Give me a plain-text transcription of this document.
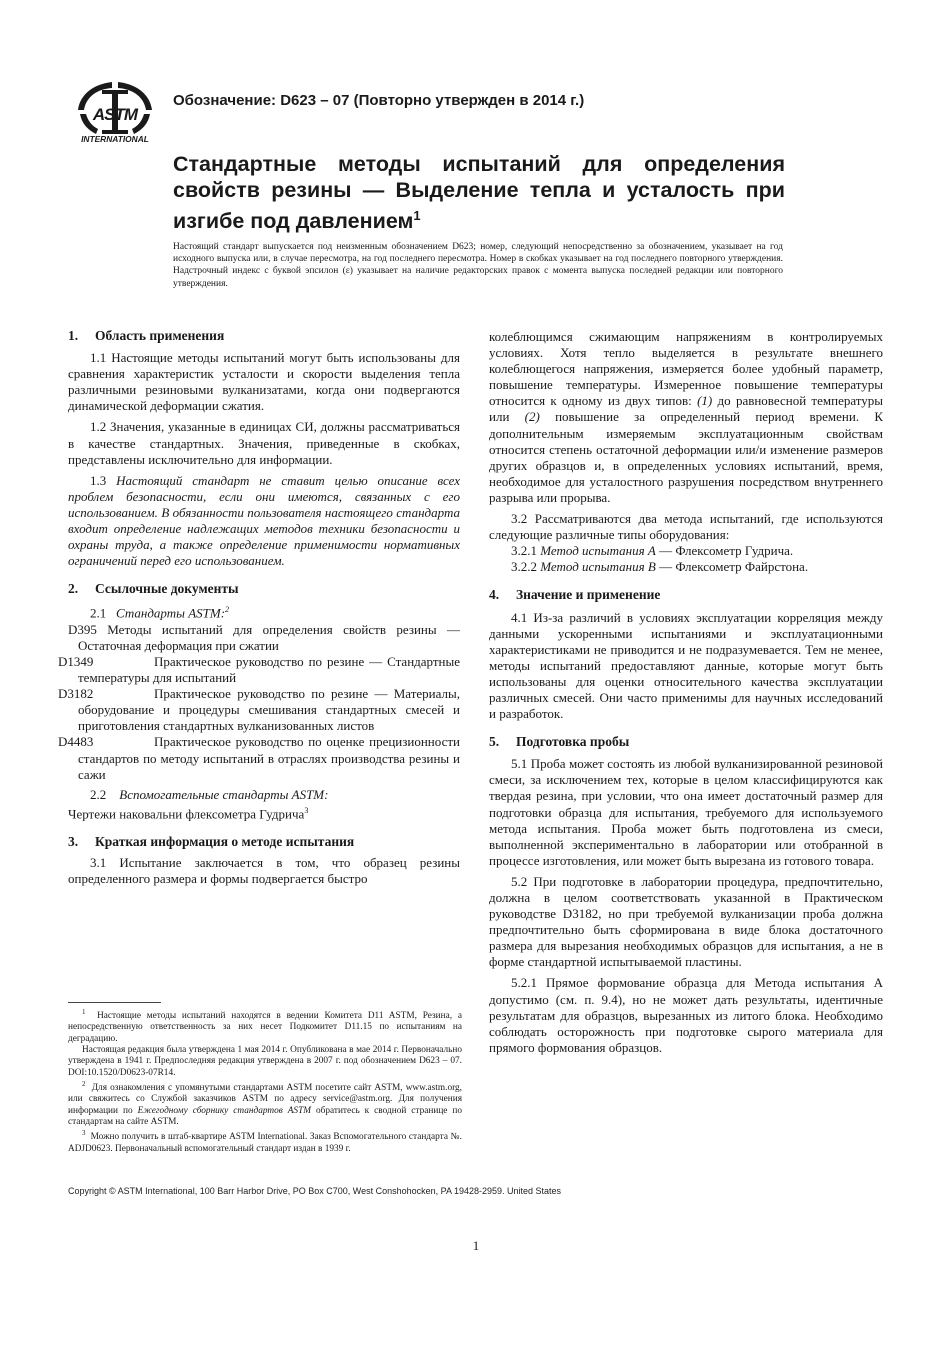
ASTM
INTERNATIONAL
Обозначение: D623 – 07 (Повторно утвержден в 2014 г.)
Стандартные методы испытаний для определения свойств резины — Выделение тепла и усталость при изгибе под давлением$^1$
Настоящий стандарт выпускается под неизменным обозначением D623; номер, следующий непосредственно за обозначением, указывает на год исходного выпуска или, в случае пересмотра, на год последнего пересмотра. Номер в скобках указывает на год последнего повторного утверждения. Надстрочный индекс с буквой эпсилон (ε) указывает на наличие редакторских правок с момента выпуска последней редакции или повторного утверждения.

1. Область применения

1.1 Настоящие методы испытаний могут быть использованы для сравнения характеристик усталости и скорости выделения тепла различными резиновыми вулканизатами, когда они подвергаются динамической деформации сжатия.

1.2 Значения, указанные в единицах СИ, должны рассматриваться в качестве стандартных. Значения, приведенные в скобках, представлены исключительно для информации.

1.3 Настоящий стандарт не ставит целью описание всех проблем безопасности, если они имеются, связанных с его использованием. В обязанности пользователя настоящего стандарта входит определение надлежащих методов техники безопасности и охраны труда, а также определение применимости нормативных ограничений перед его использованием.

2. Ссылочные документы

2.1 Стандарты ASTM:$^2$

D395 Методы испытаний для определения свойств резины — Остаточная деформация при сжатии

D1349	Практическое руководство по резине — Стандартные температуры для испытаний

D3182	Практическое руководство по резине — Материалы, оборудование и процедуры смешивания стандартных смесей и приготовления стандартных вулканизованных листов

D4483	Практическое руководство по оценке прецизионности стандартов по методу испытаний в отраслях производства резины и сажи

2.2 Вспомогательные стандарты ASTM:

Чертежи наковальни флексометра Гудрича$^3$

3. Краткая информация о методе испытания

3.1 Испытание заключается в том, что образец резины определенного размера и формы подвергается быстро

$^1$ Настоящие методы испытаний находятся в ведении Комитета D11 ASTM, Резина, а непосредственную ответственность за них несет Подкомитет D11.15 по испытаниям на деградацию.

Настоящая редакция была утверждена 1 мая 2014 г. Опубликована в мае 2014 г. Первоначально утверждена в 1941 г. Предпоследняя редакция утверждена в 2007 г. под обозначением D623 – 07. DOI:10.1520/D0623-07R14.

$^2$ Для ознакомления с упомянутыми стандартами ASTM посетите сайт ASTM, www.astm.org, или свяжитесь со Службой заказчиков ASTM по адресу service@astm.org. Для получения информации по Ежегодному сборнику стандартов ASTM обратитесь к сводной странице по стандартам на сайте ASTM.

$^3$ Можно получить в штаб-квартире ASTM International. Заказ Вспомогательного стандарта №. ADJD0623. Первоначальный вспомогательный стандарт издан в 1939 г.

колеблющимся сжимающим напряжениям в контролируемых условиях. Хотя тепло выделяется в результате внешнего колеблющегося напряжения, измеряется более удобный параметр, повышение температуры. Измеренное повышение температуры относится к одному из двух типов: (1) до равновесной температуры или (2) повышение за определенный период времени. К дополнительным измеряемым эксплуатационным свойствам относится степень остаточной деформации или/и изменение размеров других образцов и, в определенных условиях испытаний, время, необходимое для усталостного разрушения посредством внутреннего разрыва или прорыва.

3.2 Рассматриваются два метода испытаний, где используются следующие различные типы оборудования:

3.2.1 Метод испытания A — Флексометр Гудрича.

3.2.2 Метод испытания B — Флексометр Файрстона.

4. Значение и применение

4.1 Из-за различий в условиях эксплуатации корреляция между данными ускоренными испытаниями и эксплуатационными характеристиками не приводится и не подразумевается. Тем не менее, методы испытаний предоставляют данные, которые могут быть использованы для оценки относительного качества эксплуатации различных смесей. Они часто применимы для научных исследований и разработок.

5. Подготовка пробы

5.1 Проба может состоять из любой вулканизированной резиновой смеси, за исключением тех, которые в целом классифицируются как твердая резина, при условии, что она имеет достаточный размер для подготовки образца для испытания, требуемого для используемого метода испытания. Проба может быть подготовлена из смеси, выполненной экспериментально в лаборатории или отобранной в процессе изготовления, или может быть вырезана из готового товара.

5.2 При подготовке в лаборатории процедура, предпочтительно, должна в целом соответствовать указанной в Практическом руководстве D3182, но при требуемой вулканизации проба должна предпочтительно быть сформирована в виде блока достаточного размера для вырезания необходимых образцов для испытания, а не в форме стандартной испытываемой пластины.

5.2.1 Прямое формование образца для Метода испытания A допустимо (см. п. 9.4), но не может дать результаты, идентичные результатам для образцов, вырезанных из литого блока. Необходимо соблюдать осторожность при подготовке сырого материала для прямого формования образцов.

Copyright © ASTM International, 100 Barr Harbor Drive, PO Box C700, West Conshohocken, PA 19428-2959. United States
1
